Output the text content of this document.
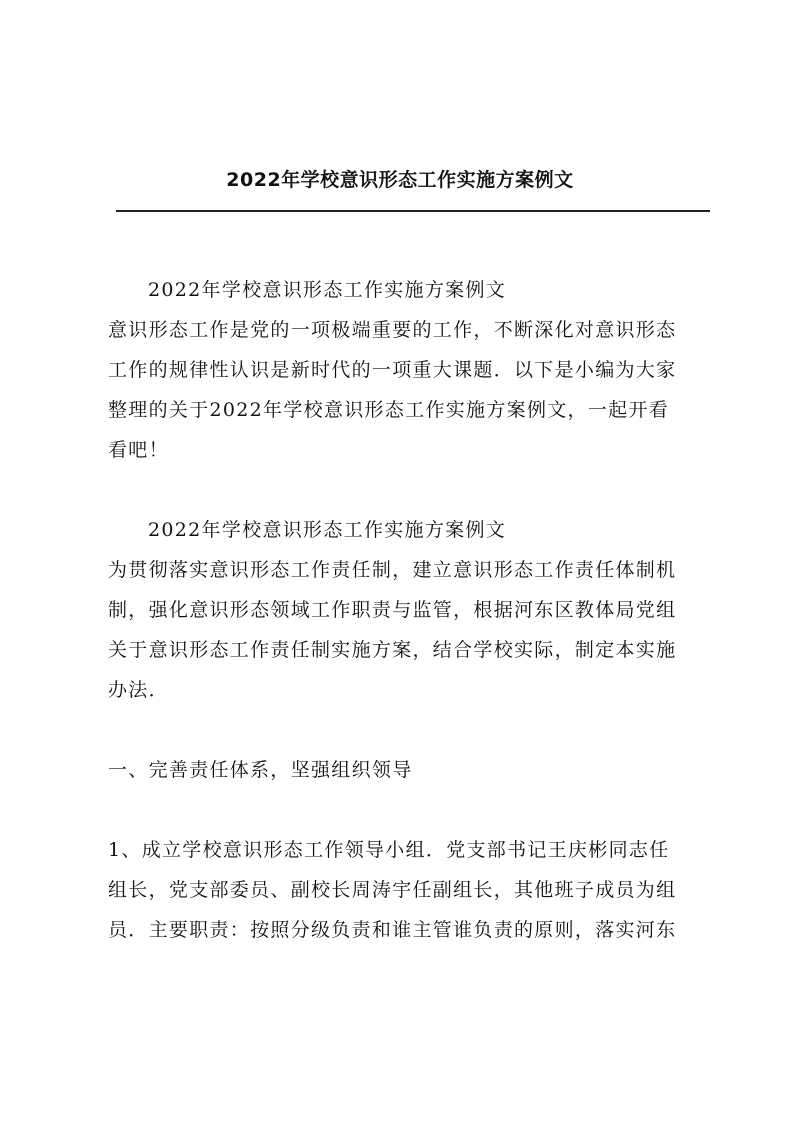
2022年学校意识形态工作实施方案例文
2022年学校意识形态工作实施方案例文
意识形态工作是党的一项极端重要的工作，不断深化对意识形态
工作的规律性认识是新时代的一项重大课题．以下是小编为大家
整理的关于2022年学校意识形态工作实施方案例文，一起开看
看吧！
2022年学校意识形态工作实施方案例文
为贯彻落实意识形态工作责任制，建立意识形态工作责任体制机
制，强化意识形态领域工作职责与监管，根据河东区教体局党组
关于意识形态工作责任制实施方案，结合学校实际，制定本实施
办法．
一、完善责任体系，坚强组织领导
1、成立学校意识形态工作领导小组．党支部书记王庆彬同志任
组长，党支部委员、副校长周涛宇任副组长，其他班子成员为组
员．主要职责：按照分级负责和谁主管谁负责的原则，落实河东
